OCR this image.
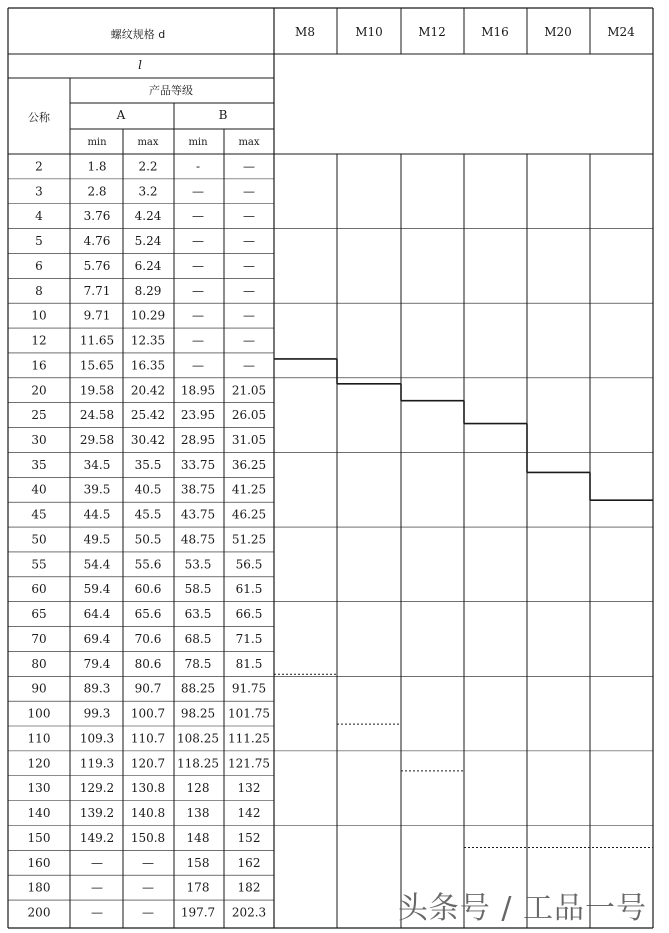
螺纹规格 d	M8	M10	M12	M16	M20	M24
l
公称
产品等级
A	B
min	max	min	max
2	1.8	2.2	-	—
3	2.8	3.2	—	—
4	3.76 4.24	—	—
5	4.76 5.24	—	—
6	5.76 6.24	—	—
8	7.71 8.29	—	—
10	9.71 10.29 —	—
12	11.65 12.35 —	—
16	15.65 16.35 —	—
20	19.58 20.42 18.95 21.05
25	24.58 25.42 23.95 26.05
30	29.58 30.42 28.95 31.05
35	34.5 35.5 33.75 36.25
40	39.5 40.5 38.75 41.25
45	44.5 45.5 43.75 46.25
50	49.5 50.5 48.75 51.25
55	54.4 55.6 53.5 56.5
60	59.4 60.6 58.5 61.5
65	64.4 65.6 63.5 66.5
70	69.4 70.6 68.5 71.5
80	79.4 80.6 78.5 81.5
90	89.3 90.7 88.25 91.75
100	99.3 100.7 98.25 101.75
110 109.3 110.7 108.25 111.25
120 119.3 120.7 118.25 121.75
130 129.2 130.8 128 132
140 139.2 140.8 138 142
150 149.2 150.8 148 152
160	—	—	158 162
180	—	—	178 182
200	—	— 197.7 202.3	头条号 / 工品一号
